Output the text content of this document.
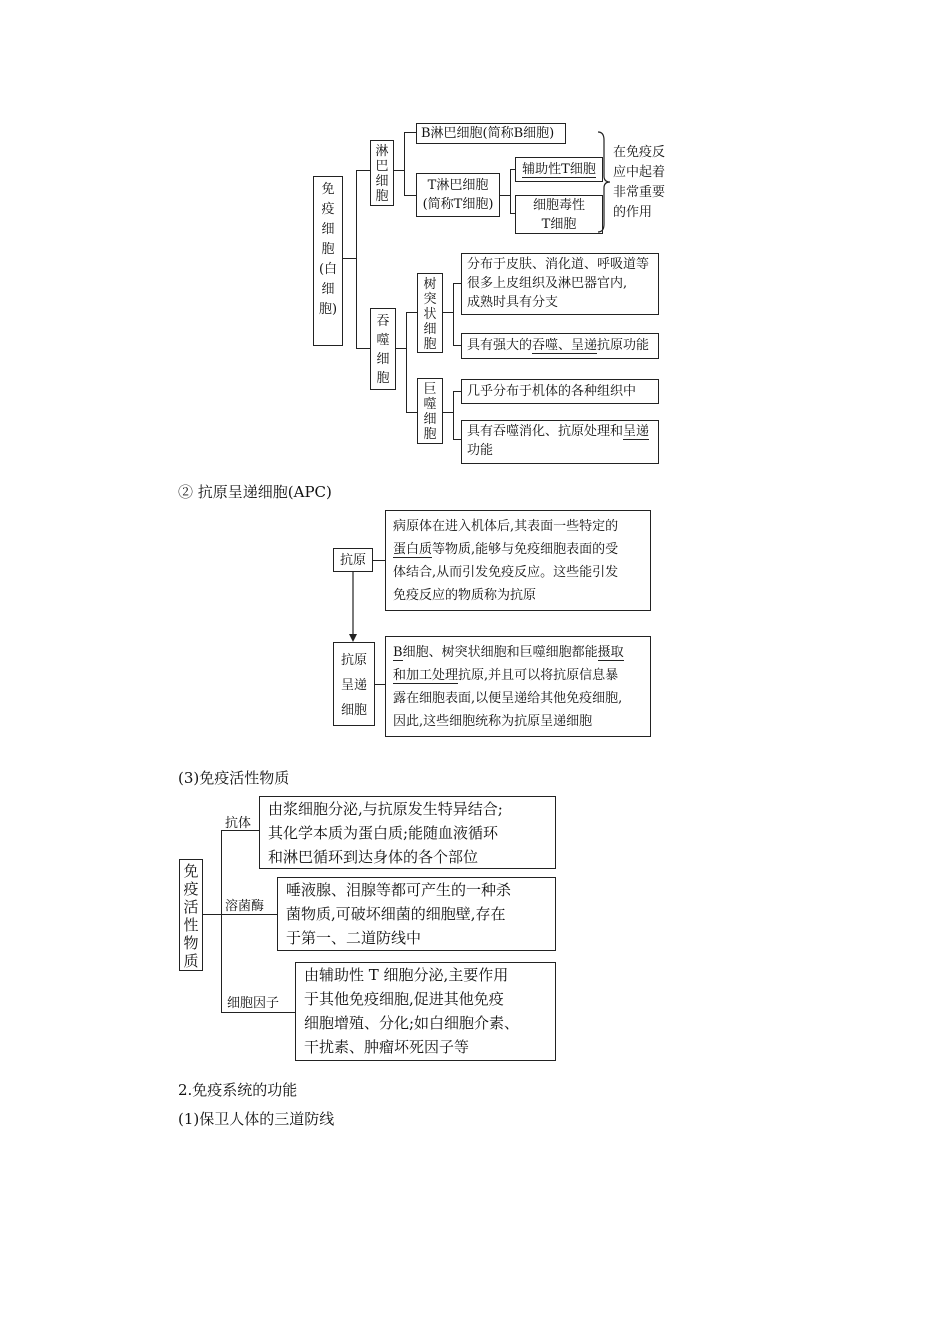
免
疫
细
胞
(白
细
胞)
淋
巴
细
胞
B淋巴细胞(简称B细胞)
T淋巴细胞
(简称T细胞)
辅助性T细胞
细胞毒性
T细胞
在免疫反
应中起着
非常重要
的作用
吞
噬
细
胞
树
突
状
细
胞
分布于皮肤、消化道、呼吸道等
很多上皮组织及淋巴器官内,
成熟时具有分支
具有强大的吞噬、呈递抗原功能
巨
噬
细
胞
几乎分布于机体的各种组织中
具有吞噬消化、抗原处理和呈递
功能
② 抗原呈递细胞(APC)
抗原
病原体在进入机体后,其表面一些特定的
蛋白质等物质,能够与免疫细胞表面的受
体结合,从而引发免疫反应。这些能引发
免疫反应的物质称为抗原
抗原
呈递
细胞
B细胞、树突状细胞和巨噬细胞都能摄取
和加工处理抗原,并且可以将抗原信息暴
露在细胞表面,以便呈递给其他免疫细胞,
因此,这些细胞统称为抗原呈递细胞
(3)免疫活性物质
免
疫
活
性
物
质
抗体
由浆细胞分泌,与抗原发生特异结合;
其化学本质为蛋白质;能随血液循环
和淋巴循环到达身体的各个部位
溶菌酶
唾液腺、泪腺等都可产生的一种杀
菌物质,可破坏细菌的细胞壁,存在
于第一、二道防线中
细胞因子
由辅助性 T 细胞分泌,主要作用
于其他免疫细胞,促进其他免疫
细胞增殖、分化;如白细胞介素、
干扰素、肿瘤坏死因子等
2.免疫系统的功能
(1)保卫人体的三道防线
